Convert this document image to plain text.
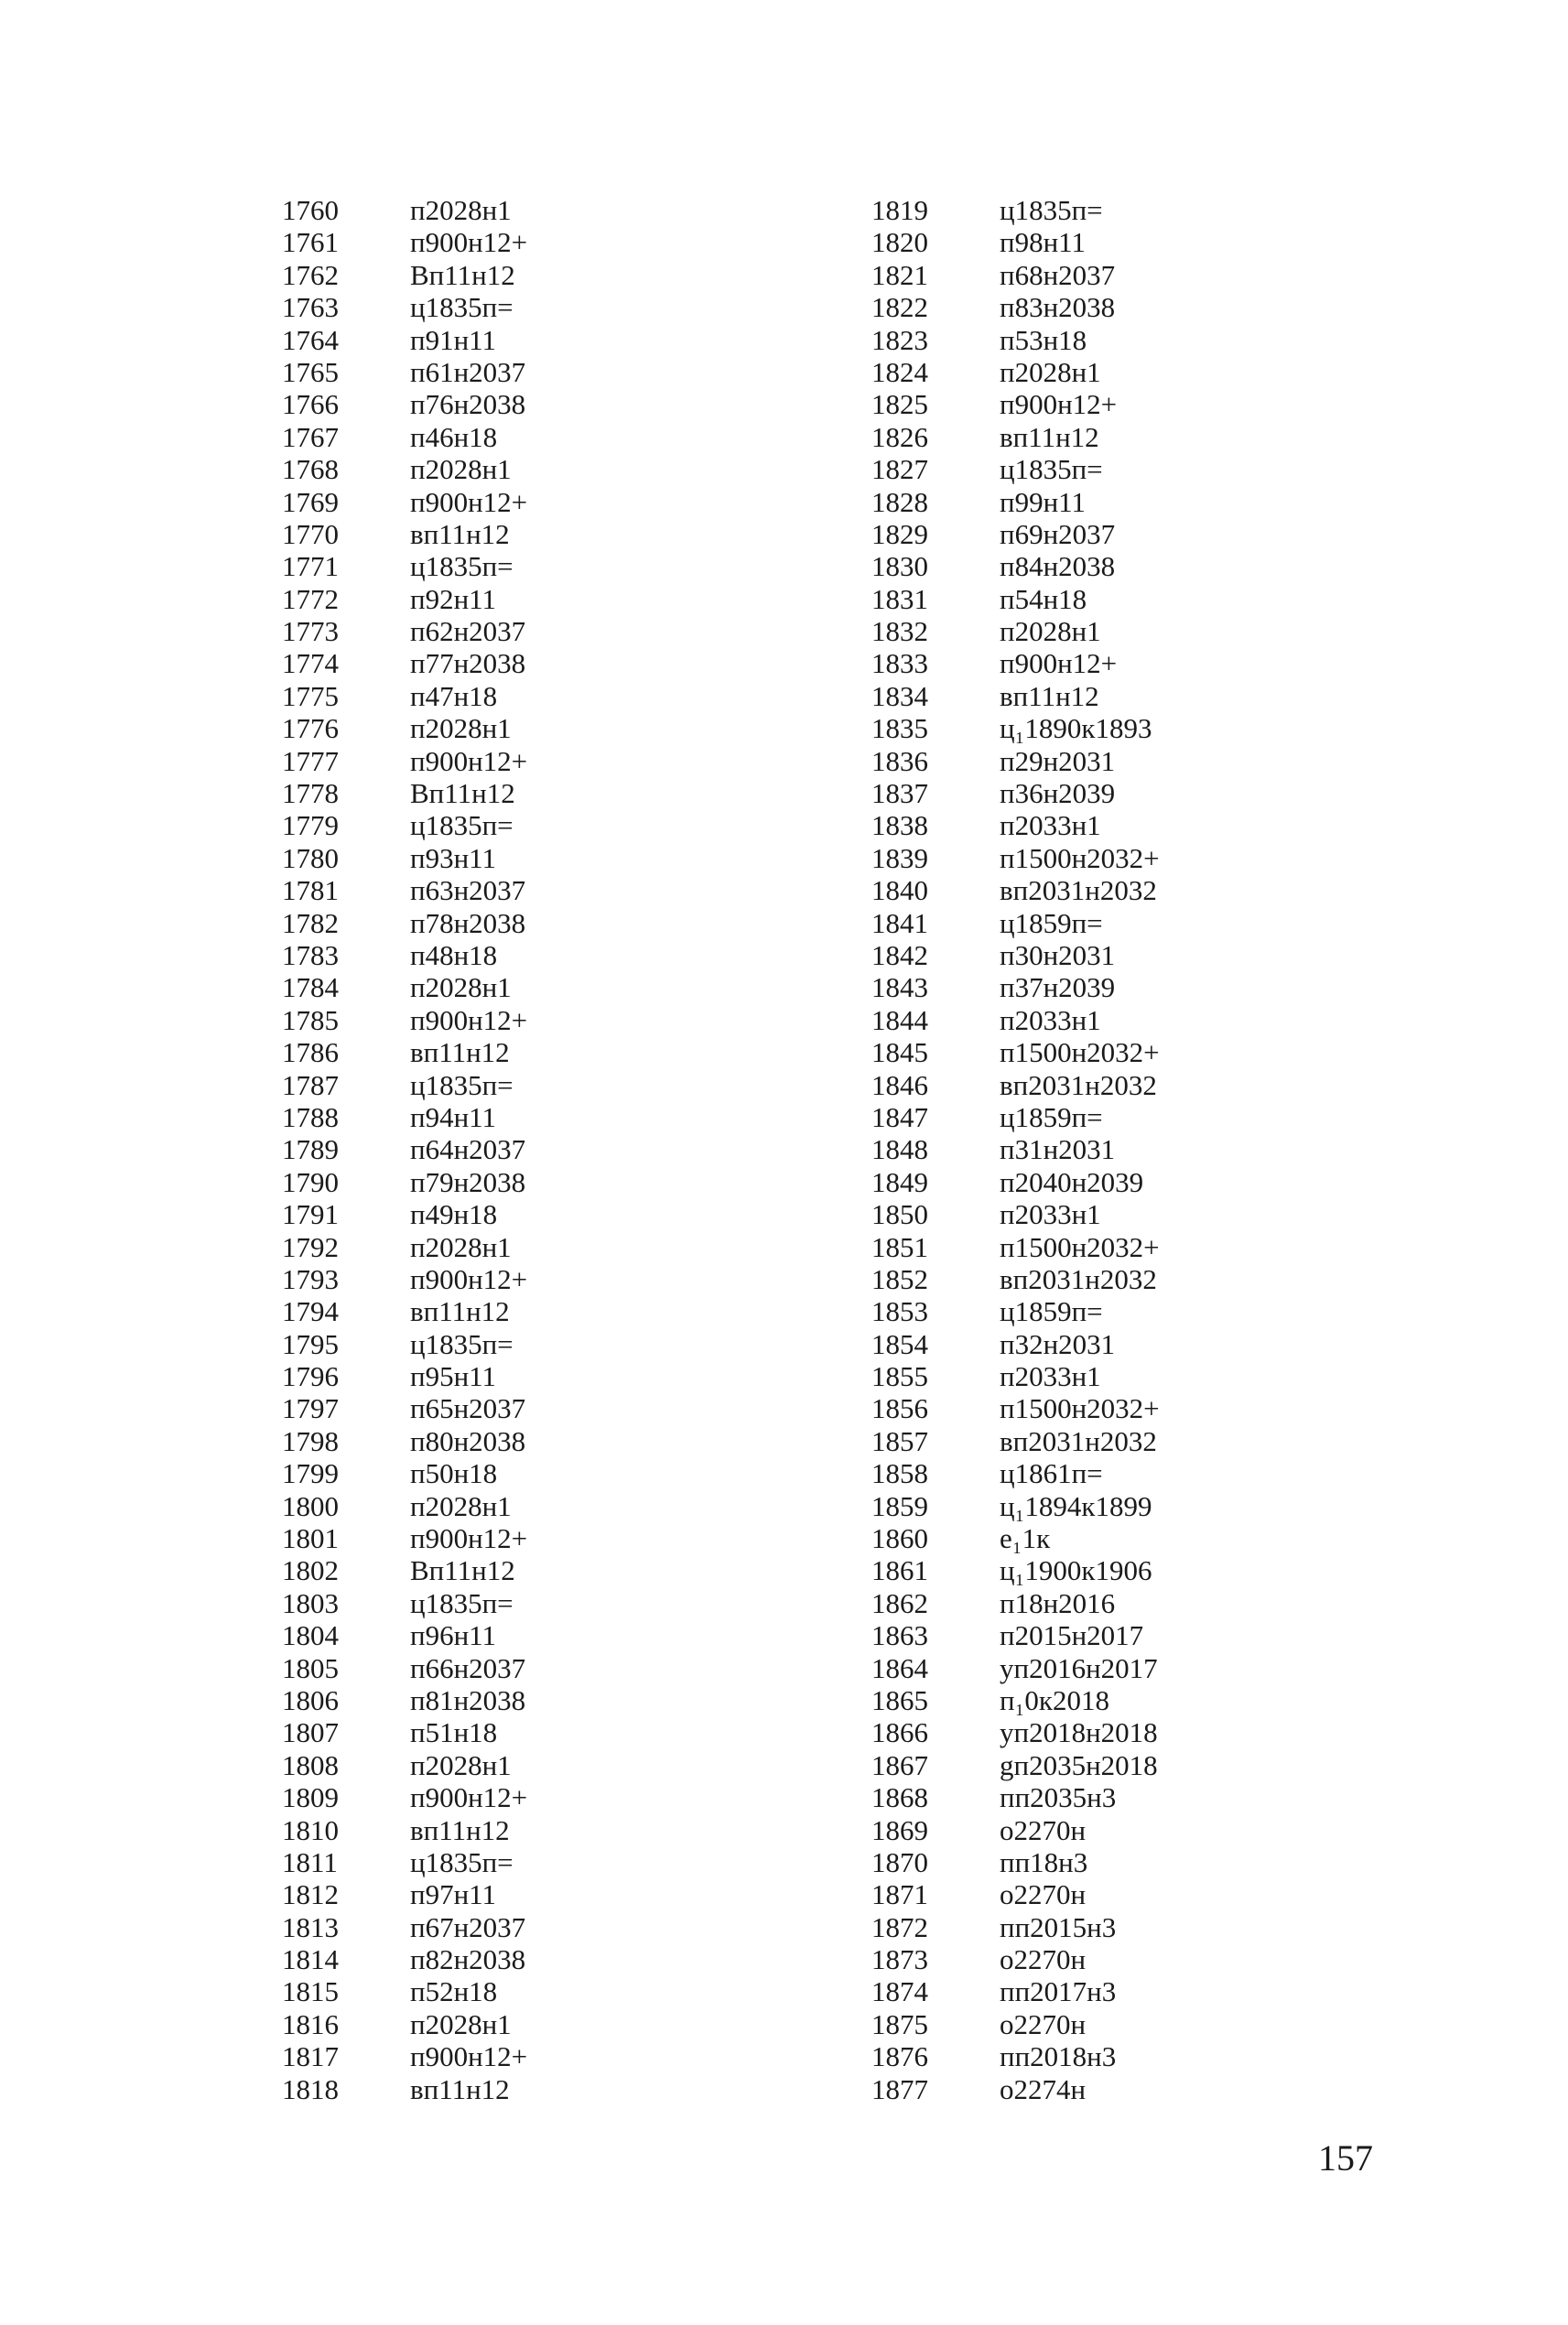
1760	п2028н1
1761	п900н12+
1762	Вп11н12
1763	ц1835п=
1764	п91н11
1765	п61н2037
1766	п76н2038
1767	п46н18
1768	п2028н1
1769	п900н12+
1770	вп11н12
1771	ц1835п=
1772	п92н11
1773	п62н2037
1774	п77н2038
1775	п47н18
1776	п2028н1
1777	п900н12+
1778	Вп11н12
1779	ц1835п=
1780	п93н11
1781	п63н2037
1782	п78н2038
1783	п48н18
1784	п2028н1
1785	п900н12+
1786	вп11н12
1787	ц1835п=
1788	п94н11
1789	п64н2037
1790	п79н2038
1791	п49н18
1792	п2028н1
1793	п900н12+
1794	вп11н12
1795	ц1835п=
1796	п95н11
1797	п65н2037
1798	п80н2038
1799	п50н18
1800	п2028н1
1801	п900н12+
1802	Вп11н12
1803	ц1835п=
1804	п96н11
1805	п66н2037
1806	п81н2038
1807	п51н18
1808	п2028н1
1809	п900н12+
1810	вп11н12
1811	ц1835п=
1812	п97н11
1813	п67н2037
1814	п82н2038
1815	п52н18
1816	п2028н1
1817	п900н12+
1818	вп11н12
1819	ц1835п=
1820	п98н11
1821	п68н2037
1822	п83н2038
1823	п53н18
1824	п2028н1
1825	п900н12+
1826	вп11н12
1827	ц1835п=
1828	п99н11
1829	п69н2037
1830	п84н2038
1831	п54н18
1832	п2028н1
1833	п900н12+
1834	вп11н12
1835	ц₁1890к1893
1836	п29н2031
1837	п36н2039
1838	п2033н1
1839	п1500н2032+
1840	вп2031н2032
1841	ц1859п=
1842	п30н2031
1843	п37н2039
1844	п2033н1
1845	п1500н2032+
1846	вп2031н2032
1847	ц1859п=
1848	п31н2031
1849	п2040н2039
1850	п2033н1
1851	п1500н2032+
1852	вп2031н2032
1853	ц1859п=
1854	п32н2031
1855	п2033н1
1856	п1500н2032+
1857	вп2031н2032
1858	ц1861п=
1859	ц₁1894к1899
1860	е₁1к
1861	ц₁1900к1906
1862	п18н2016
1863	п2015н2017
1864	уп2016н2017
1865	п₁0к2018
1866	уп2018н2018
1867	gп2035н2018
1868	пп2035н3
1869	о2270н
1870	пп18н3
1871	о2270н
1872	пп2015н3
1873	о2270н
1874	пп2017н3
1875	о2270н
1876	пп2018н3
1877	о2274н
157
